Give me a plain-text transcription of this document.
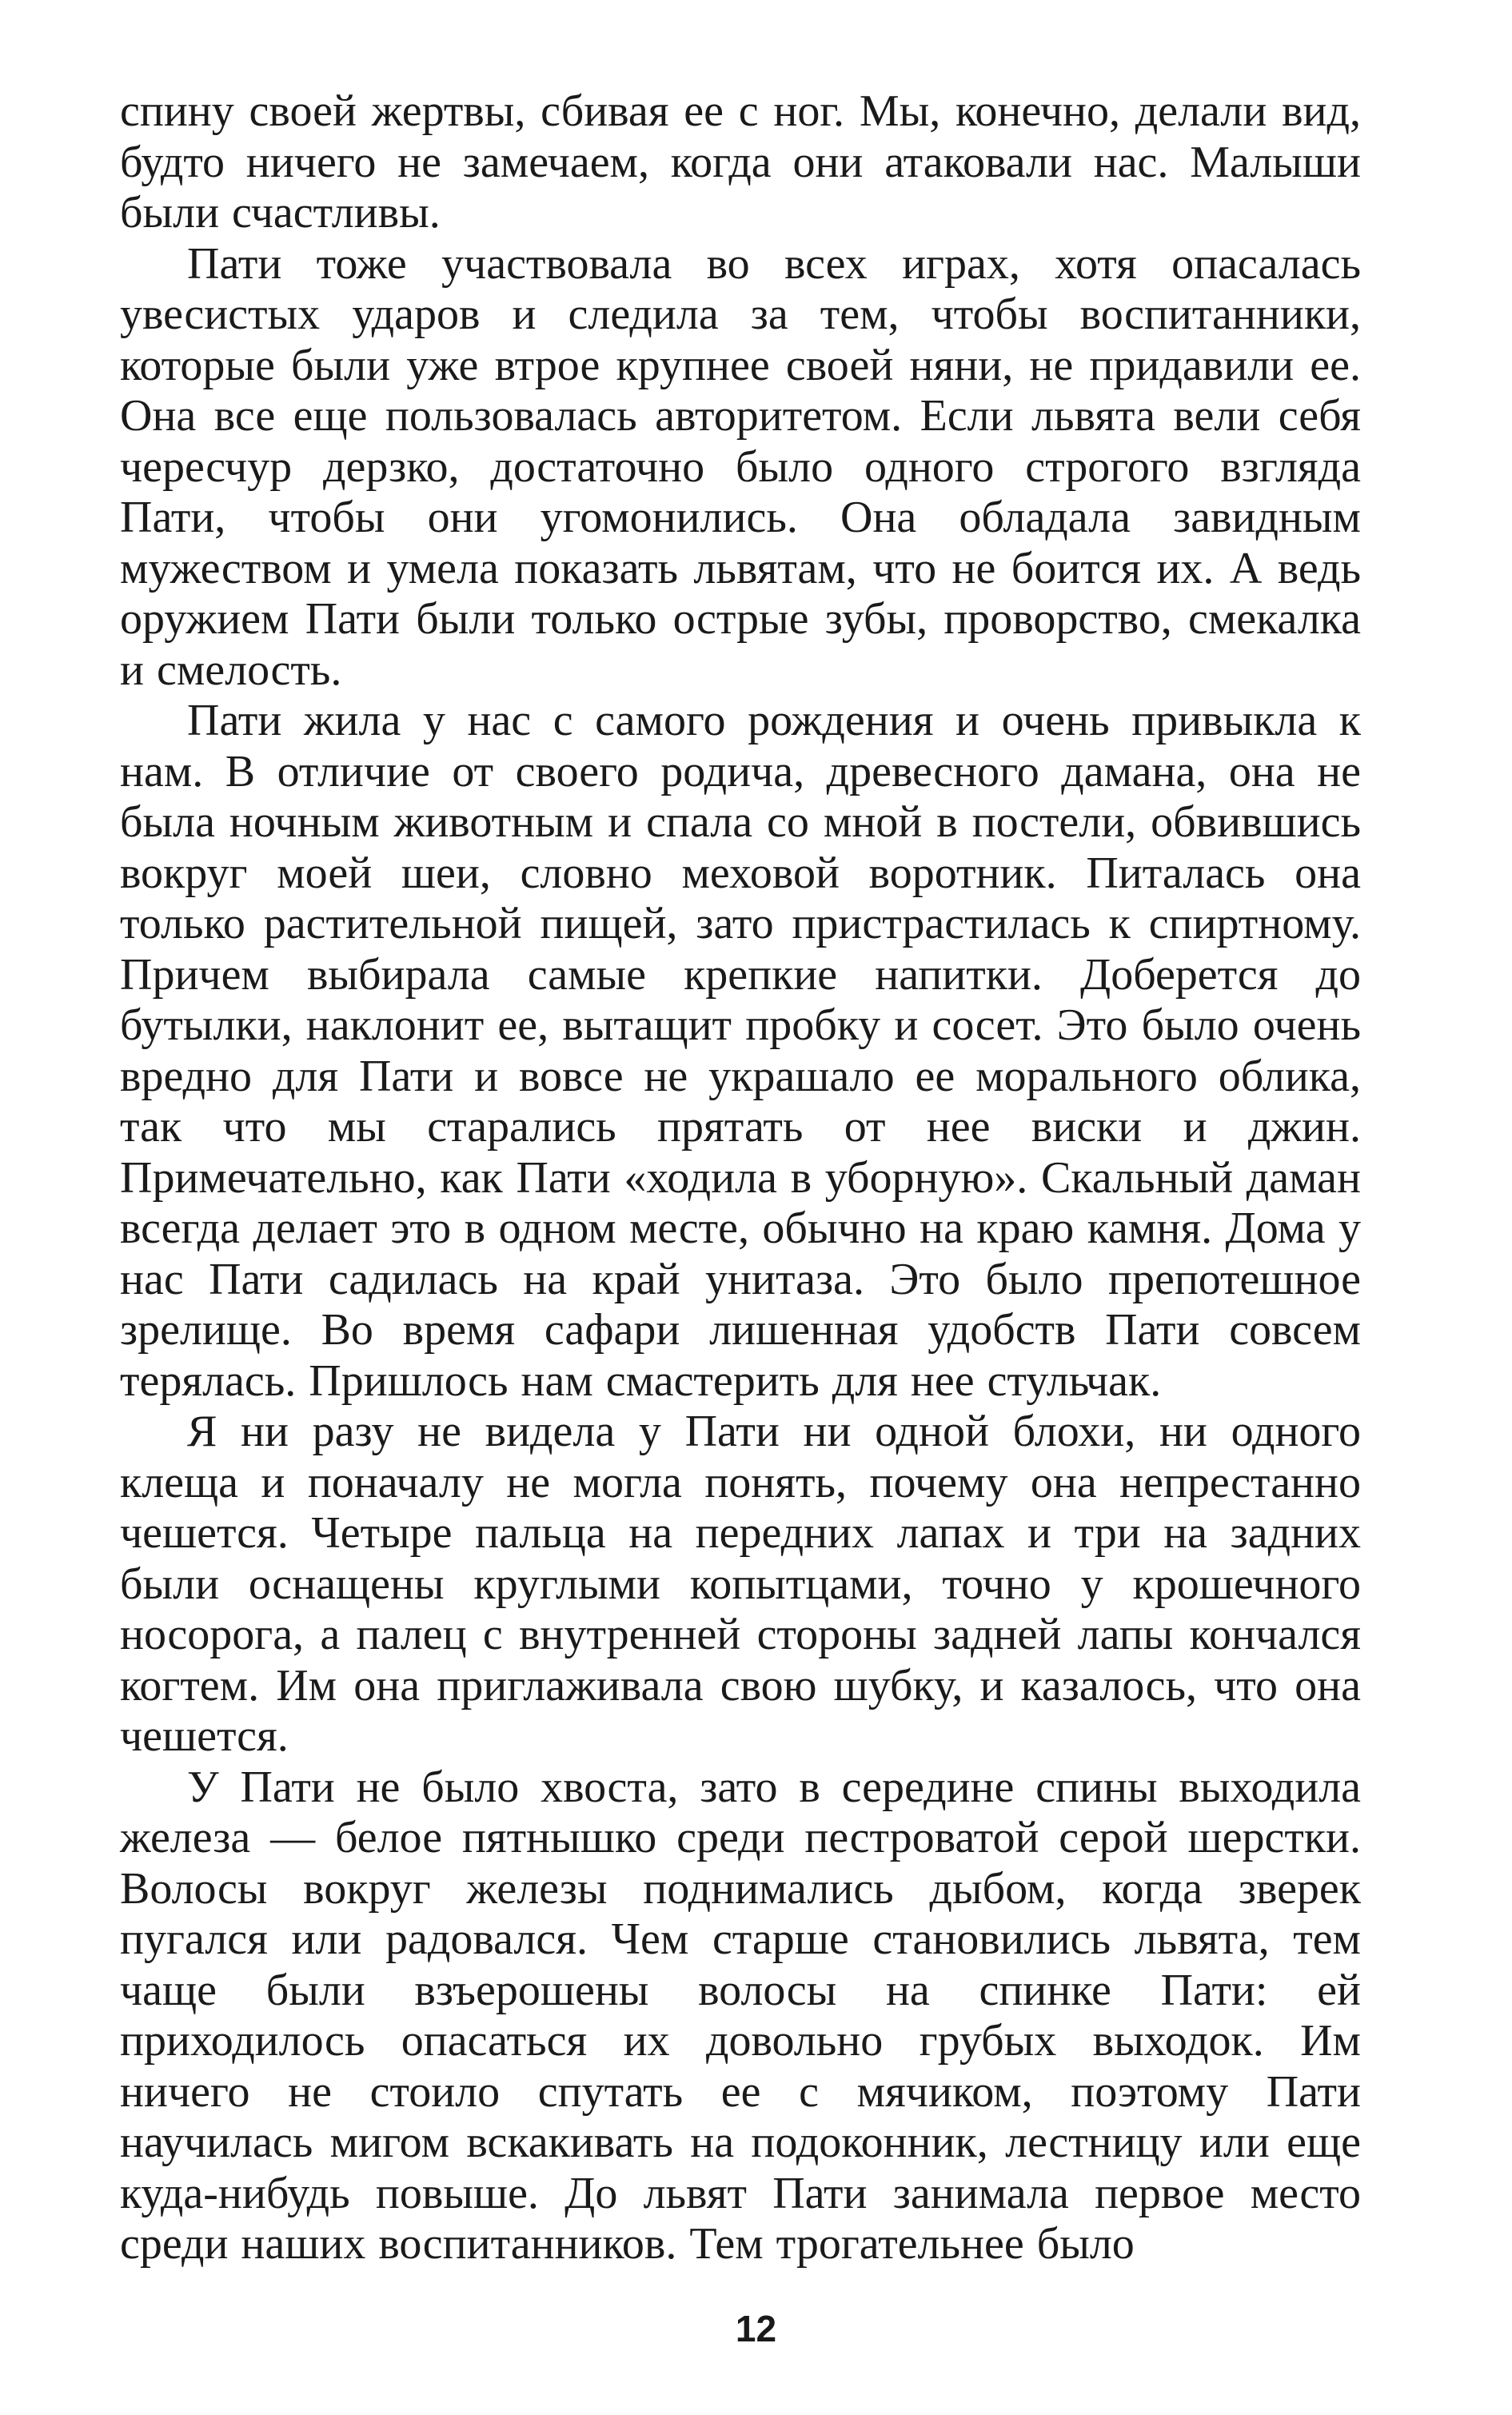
спину своей жертвы, сбивая ее с ног. Мы, конечно, делали вид, будто ничего не замечаем, когда они атаковали нас. Малыши были счастливы.

Пати тоже участвовала во всех играх, хотя опасалась увесистых ударов и следила за тем, чтобы воспитанники, которые были уже втрое крупнее своей няни, не придавили ее. Она все еще пользовалась авторитетом. Если львята вели себя чересчур дерзко, достаточно было одного строгого взгляда Пати, чтобы они угомонились. Она обладала завидным мужеством и умела показать львятам, что не боится их. А ведь оружием Пати были только острые зубы, проворство, смекалка и смелость.

Пати жила у нас с самого рождения и очень привыкла к нам. В отличие от своего родича, древесного дамана, она не была ночным животным и спала со мной в постели, обвившись вокруг моей шеи, словно меховой воротник. Питалась она только растительной пищей, зато пристрастилась к спиртному. Причем выбирала самые крепкие напитки. Доберется до бутылки, наклонит ее, вытащит пробку и сосет. Это было очень вредно для Пати и вовсе не украшало ее морального облика, так что мы старались прятать от нее виски и джин. Примечательно, как Пати «ходила в уборную». Скальный даман всегда делает это в одном месте, обычно на краю камня. Дома у нас Пати садилась на край унитаза. Это было препотешное зрелище. Во время сафари лишенная удобств Пати совсем терялась. Пришлось нам смастерить для нее стульчак.

Я ни разу не видела у Пати ни одной блохи, ни одного клеща и поначалу не могла понять, почему она непрестанно чешется. Четыре пальца на передних лапах и три на задних были оснащены круглыми копытцами, точно у крошечного носорога, а палец с внутренней стороны задней лапы кончался когтем. Им она приглаживала свою шубку, и казалось, что она чешется.

У Пати не было хвоста, зато в середине спины выходила железа — белое пятнышко среди пестроватой серой шерстки. Волосы вокруг железы поднимались дыбом, когда зверек пугался или радовался. Чем старше становились львята, тем чаще были взъерошены волосы на спинке Пати: ей приходилось опасаться их довольно грубых выходок. Им ничего не стоило спутать ее с мячиком, поэтому Пати научилась мигом вскакивать на подоконник, лестницу или еще куда-нибудь повыше. До львят Пати занимала первое место среди наших воспитанников. Тем трогательнее было

12
